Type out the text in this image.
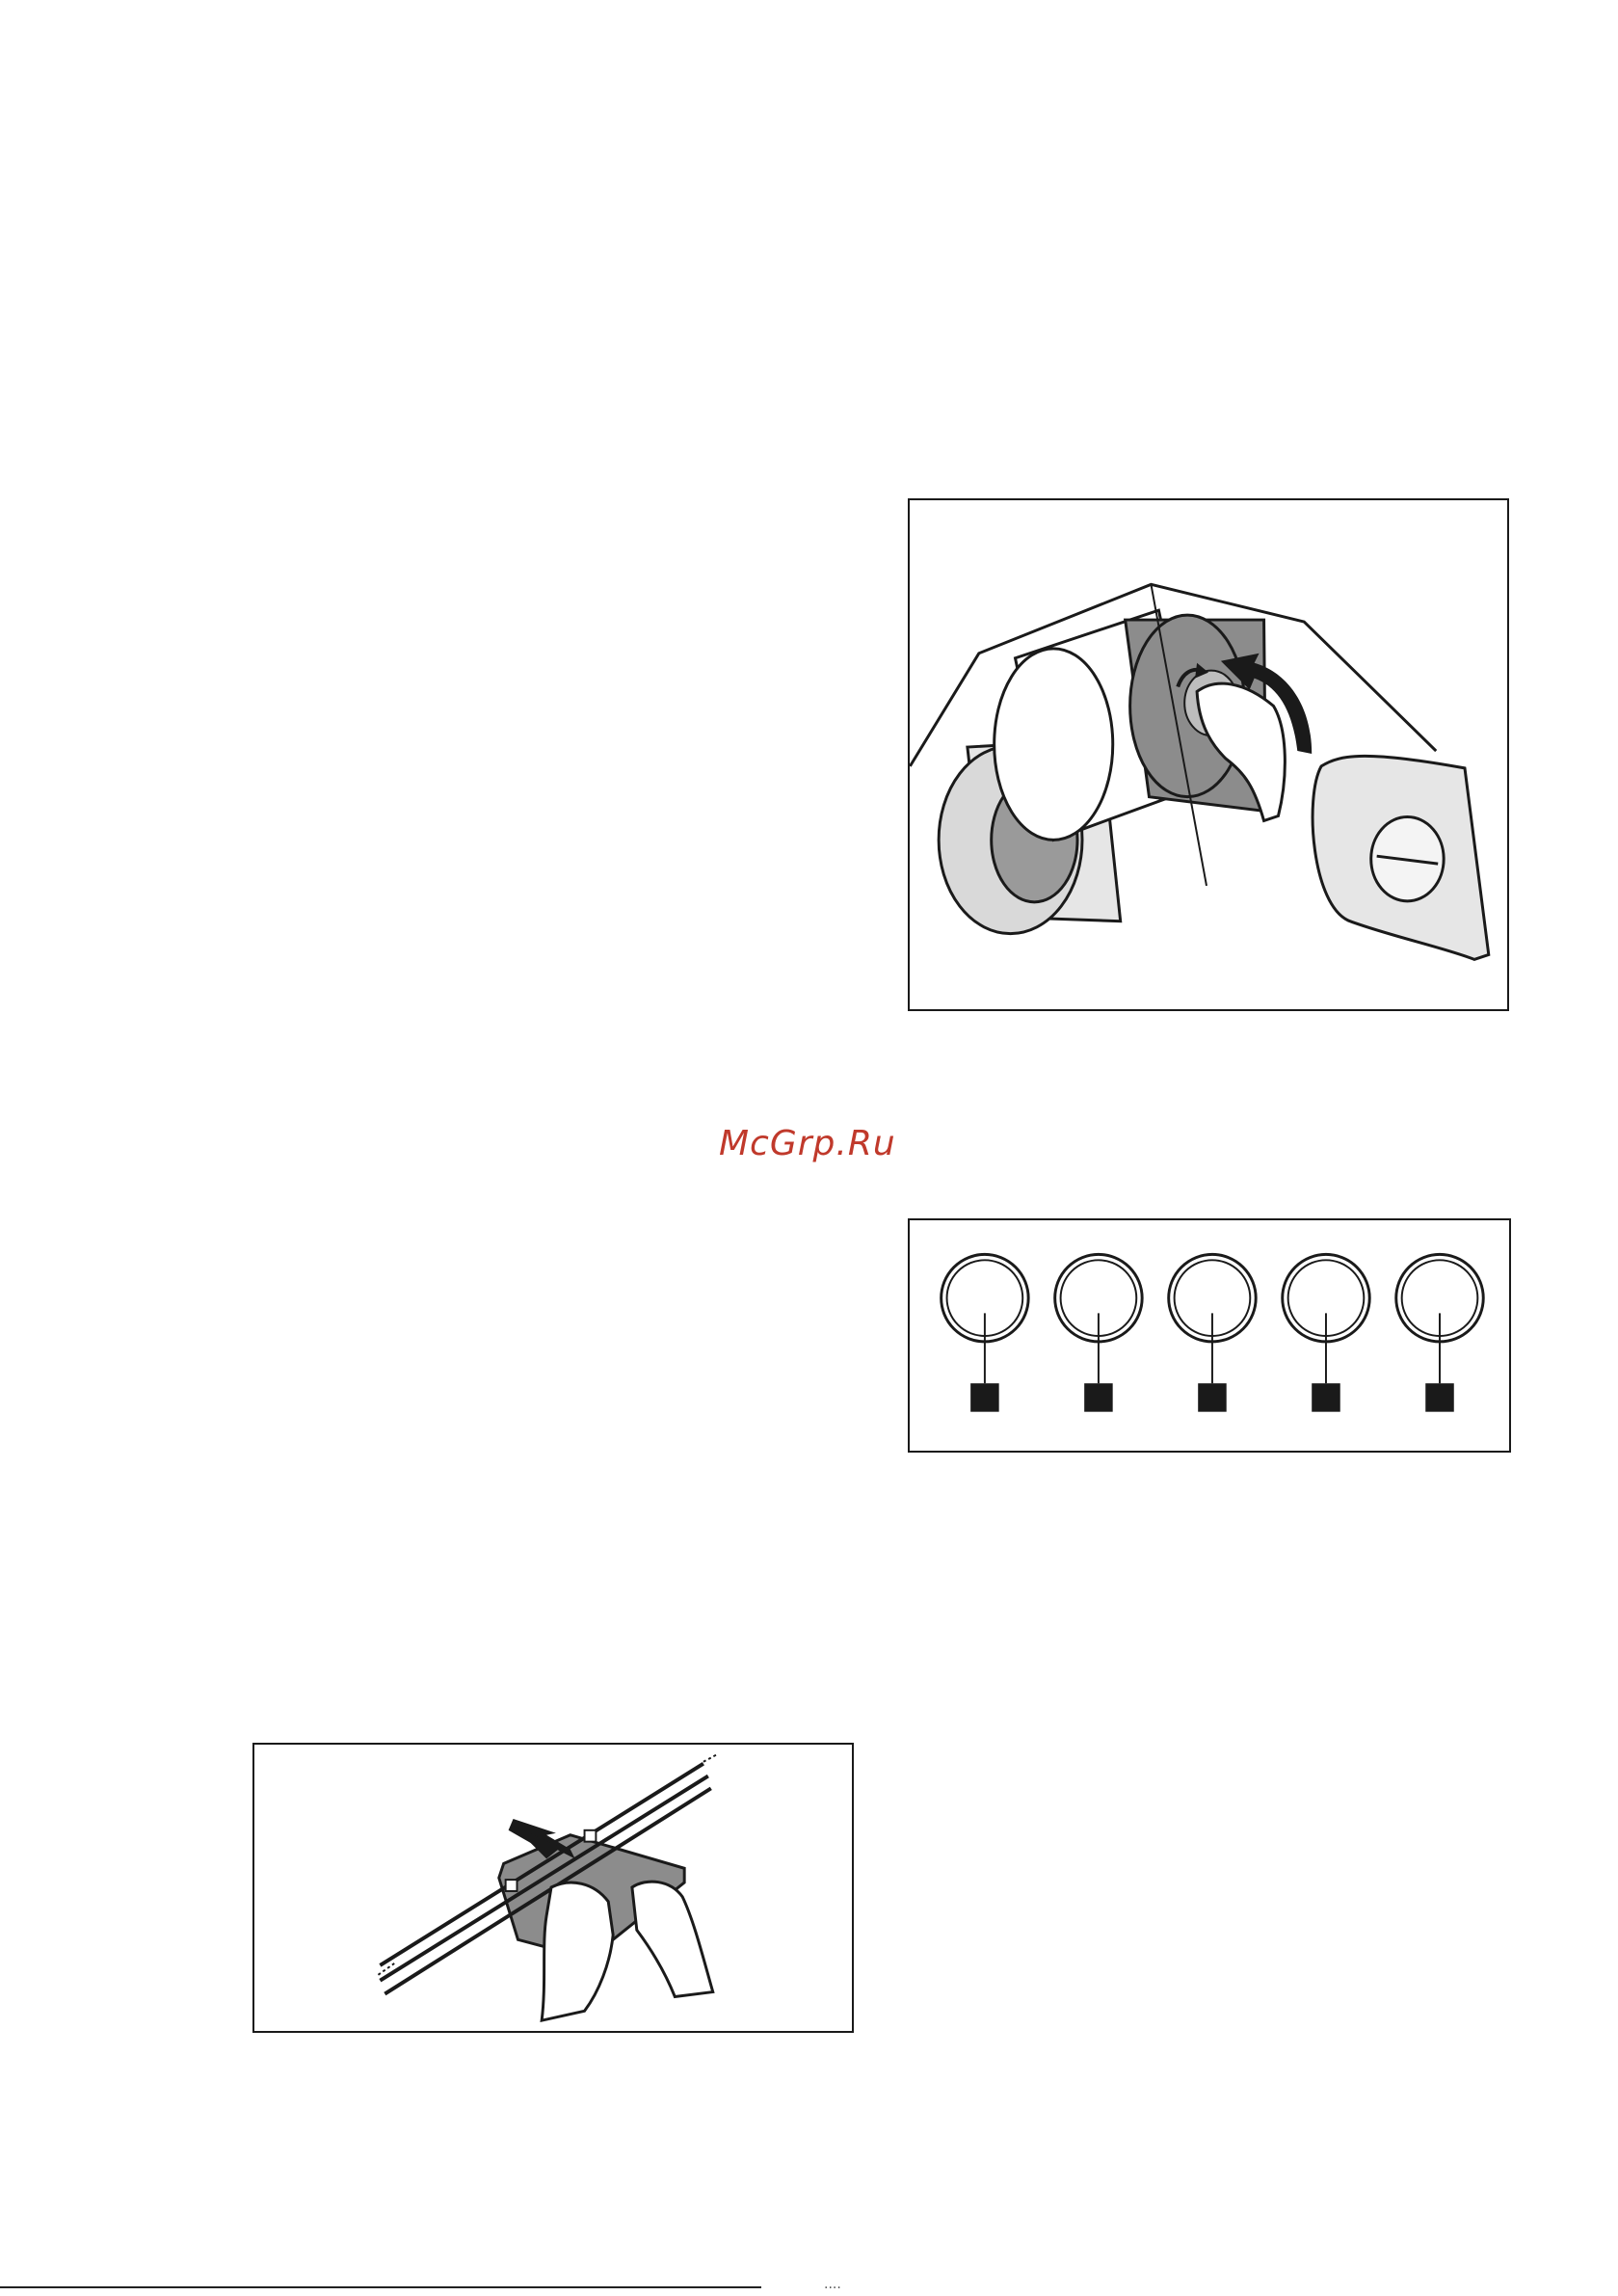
McGrp.Ru
....
